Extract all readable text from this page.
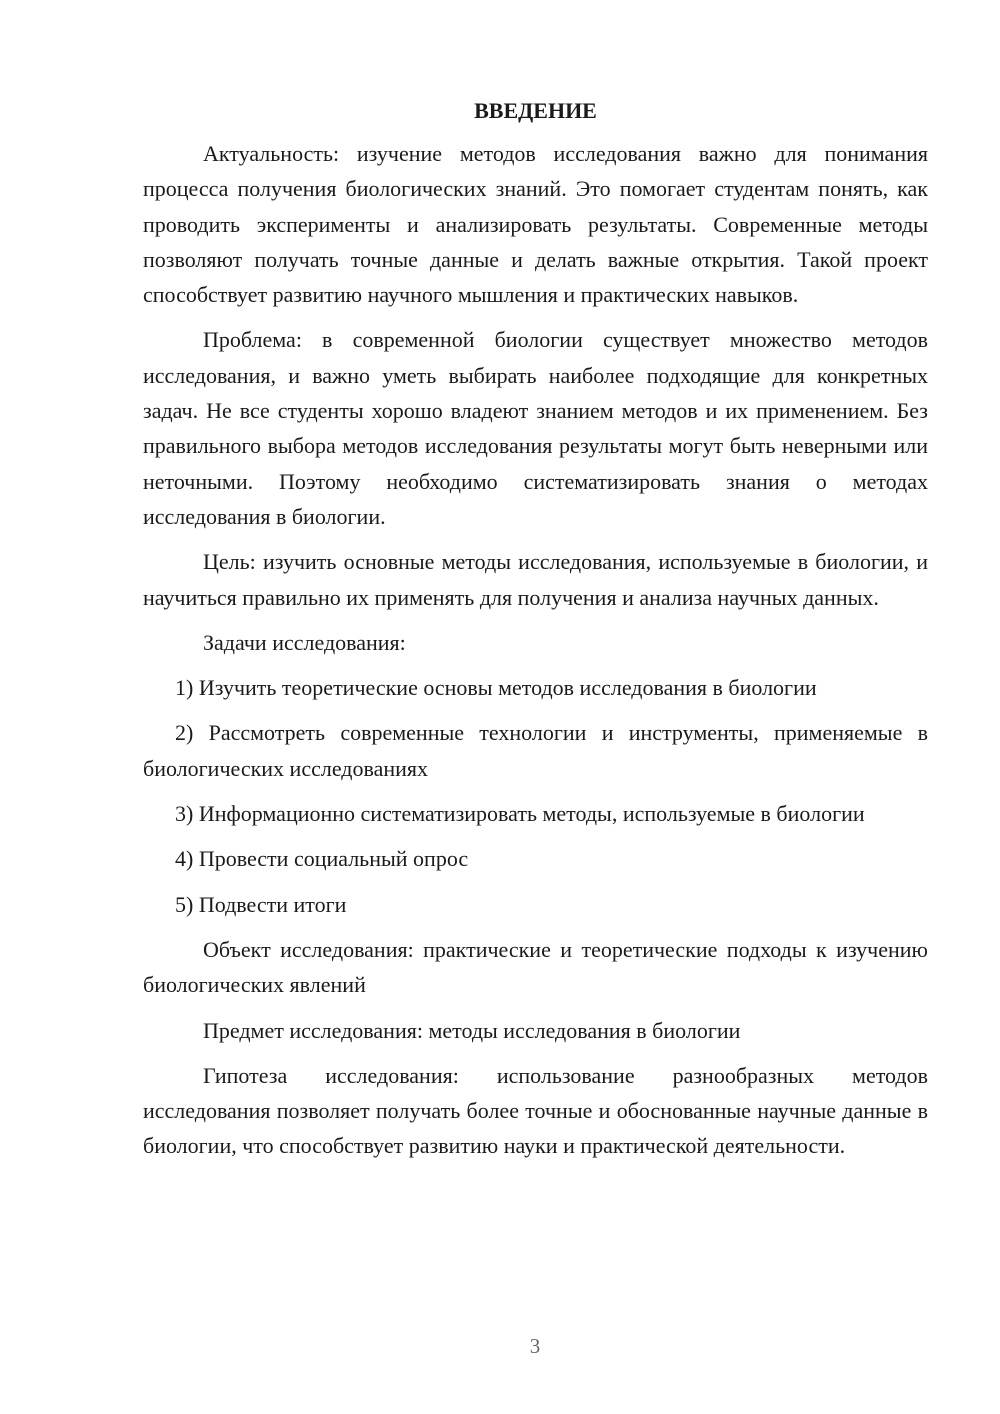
ВВЕДЕНИЕ
Актуальность: изучение методов исследования важно для понимания процесса получения биологических знаний. Это помогает студентам понять, как проводить эксперименты и анализировать результаты. Современные методы позволяют получать точные данные и делать важные открытия. Такой проект способствует развитию научного мышления и практических навыков.
Проблема: в современной биологии существует множество методов исследования, и важно уметь выбирать наиболее подходящие для конкретных задач. Не все студенты хорошо владеют знанием методов и их применением. Без правильного выбора методов исследования результаты могут быть неверными или неточными. Поэтому необходимо систематизировать знания о методах исследования в биологии.
Цель: изучить основные методы исследования, используемые в биологии, и научиться правильно их применять для получения и анализа научных данных.
Задачи исследования:
1) Изучить теоретические основы методов исследования в биологии
2) Рассмотреть современные технологии и инструменты, применяемые в биологических исследованиях
3) Информационно систематизировать методы, используемые в биологии
4) Провести социальный опрос
5) Подвести итоги
Объект исследования: практические и теоретические подходы к изучению биологических явлений
Предмет исследования: методы исследования в биологии
Гипотеза исследования: использование разнообразных методов исследования позволяет получать более точные и обоснованные научные данные в биологии, что способствует развитию науки и практической деятельности.
3
